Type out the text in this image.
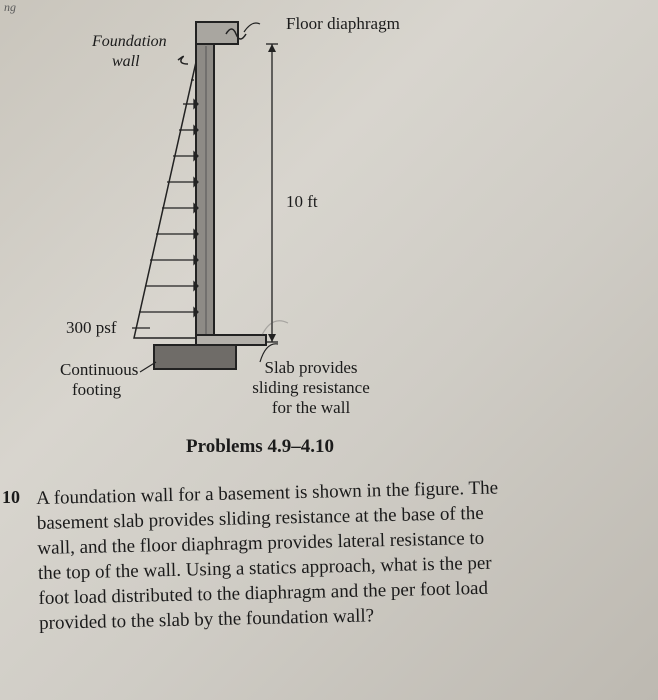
ng
Foundation
wall
Floor diaphragm
10 ft
300 psf
Continuous
footing
Slab provides
sliding resistance
for the wall
Problems 4.9–4.10
10 A foundation wall for a basement is shown in the figure. The
basement slab provides sliding resistance at the base of the
wall, and the floor diaphragm provides lateral resistance to
the top of the wall. Using a statics approach, what is the per
foot load distributed to the diaphragm and the per foot load
provided to the slab by the foundation wall?
